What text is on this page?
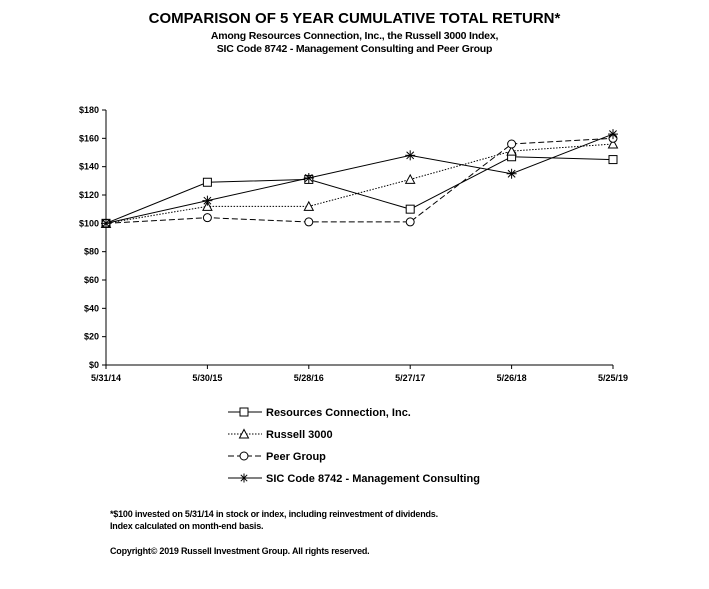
COMPARISON OF 5 YEAR CUMULATIVE TOTAL RETURN*
Among Resources Connection, Inc., the Russell 3000 Index,
SIC Code 8742 - Management Consulting and Peer Group
$0
$20
$40
$60
$80
$100
$120
$140
$160
$180
5/31/14	5/30/15	5/28/16	5/27/17	5/26/18	5/25/19
Resources Connection, Inc.
Russell 3000
Peer Group
SIC Code 8742 - Management Consulting
*$100 invested on 5/31/14 in stock or index, including reinvestment of dividends.
Index calculated on month-end basis.
Copyright© 2019 Russell Investment Group. All rights reserved.
